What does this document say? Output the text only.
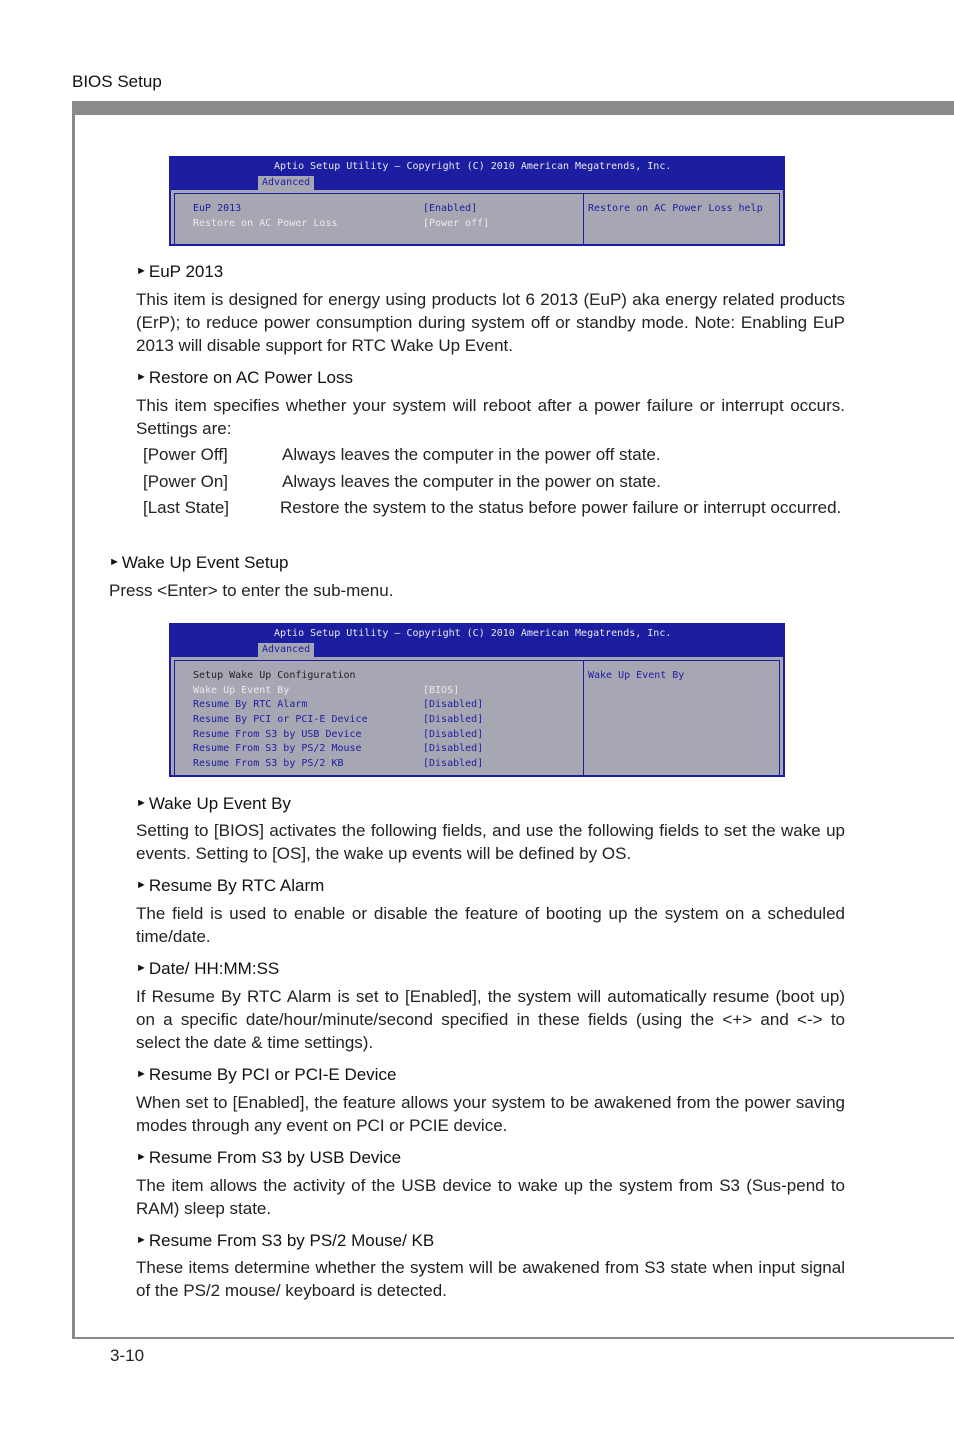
BIOS Setup
3-10
Aptio Setup Utility – Copyright (C) 2010 American Megatrends, Inc.
Advanced
EuP 2013	[Enabled]
Restore on AC Power Loss	[Power off]
Restore on AC Power Loss help
► EuP 2013
This item is designed for energy using products lot 6 2013 (EuP) aka energy related products (ErP); to reduce power consumption during system off or standby mode. Note: Enabling EuP 2013 will disable support for RTC Wake Up Event.
► Restore on AC Power Loss
This item specifies whether your system will reboot after a power failure or interrupt occurs. Settings are:
[Power Off]	Always leaves the computer in the power off state.
[Power On]	Always leaves the computer in the power on state.
[Last State]	Restore the system to the status before power failure or interrupt occurred.
► Wake Up Event Setup
Press <Enter> to enter the sub-menu.
Aptio Setup Utility – Copyright (C) 2010 American Megatrends, Inc.
Advanced
Setup Wake Up Configuration
Wake Up Event By	[BIOS]
Resume By RTC Alarm	[Disabled]
Resume By PCI or PCI-E Device	[Disabled]
Resume From S3 by USB Device	[Disabled]
Resume From S3 by PS/2 Mouse	[Disabled]
Resume From S3 by PS/2 KB	[Disabled]
Wake Up Event By
► Wake Up Event By
Setting to [BIOS] activates the following fields, and use the following fields to set the wake up events. Setting to [OS], the wake up events will be defined by OS.
► Resume By RTC Alarm
The field is used to enable or disable the feature of booting up the system on a scheduled time/date.
► Date/ HH:MM:SS
If Resume By RTC Alarm is set to [Enabled], the system will automatically resume (boot up) on a specific date/hour/minute/second specified in these fields (using the <+> and <-> to select the date & time settings).
► Resume By PCI or PCI-E Device
When set to [Enabled], the feature allows your system to be awakened from the power saving modes through any event on PCI or PCIE device.
► Resume From S3 by USB Device
The item allows the activity of the USB device to wake up the system from S3 (Sus-pend to RAM) sleep state.
► Resume From S3 by PS/2 Mouse/ KB
These items determine whether the system will be awakened from S3 state when input signal of the PS/2 mouse/ keyboard is detected.
